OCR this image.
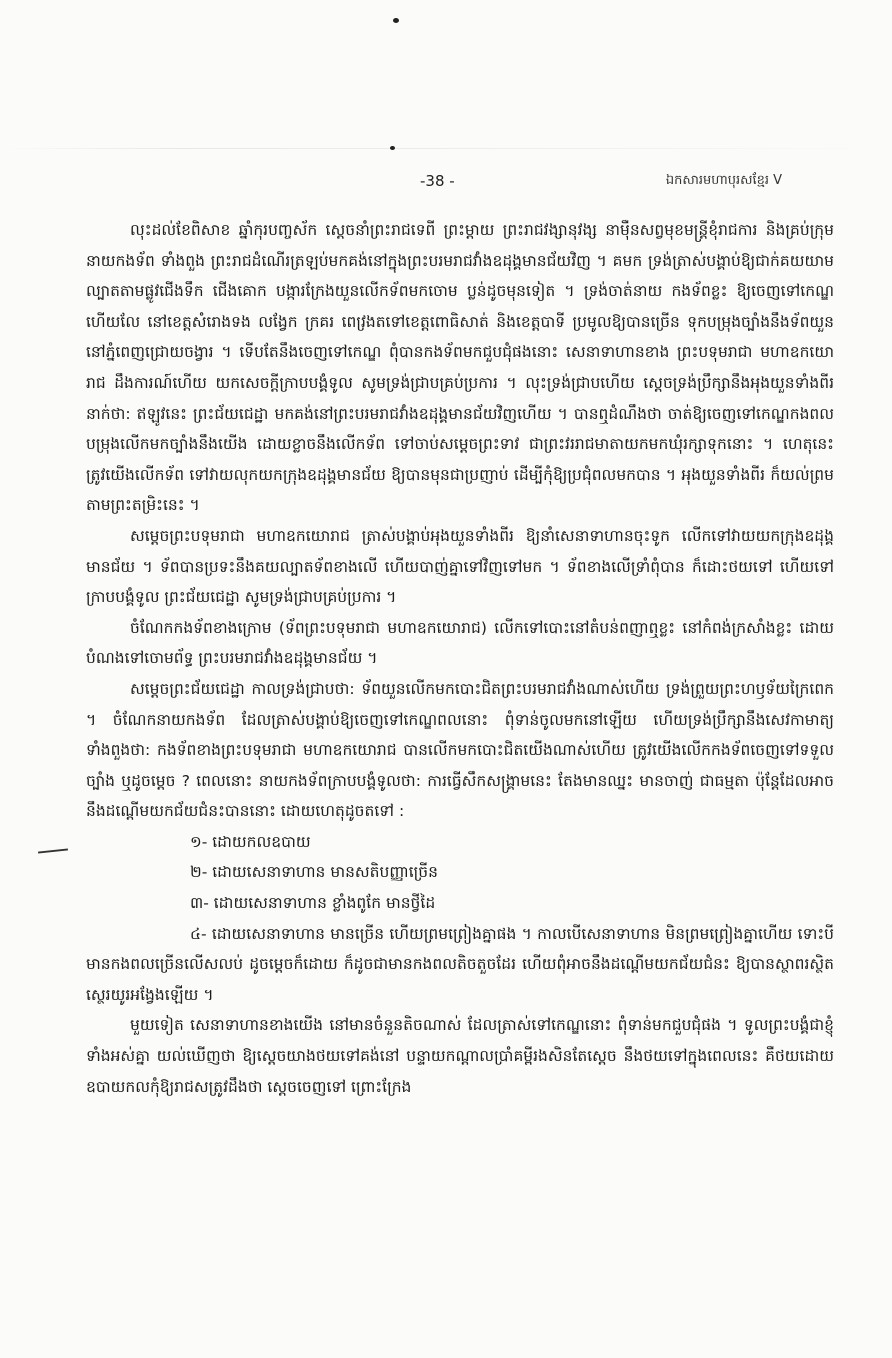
-38 -	ឯកសារមហាបុរសខ្មែរ V

លុះដល់ខែពិសាខ ឆ្នាំកុរបញ្ចស័ក ស្ដេចនាំព្រះរាជទេពី ព្រះម្ដាយ ព្រះរាជវង្សានុវង្ស នាម៉ឺនសព្វមុខមន្ត្រីខុំរាជការ និងគ្រប់ក្រុមនាយកងទ័ព ទាំងពួង ព្រះរាជដំណើរត្រឡប់មកគង់នៅក្នុងព្រះបរមរាជវាំងឧដុង្គមានជ័យវិញ ។ គមក ទ្រង់ត្រាស់បង្គាប់ឱ្យជាក់គយយាមល្បាតតាមផ្លូវជើងទឹក ជើងគោក បង្ការក្រែងយួនលើកទ័ពមកចោម ប្លន់ដូចមុនទៀត ។ ទ្រង់ចាត់នាយ កងទ័ពខ្លះ ឱ្យចេញទៅកេណ្ឌហើយលែ នៅខេត្តសំរោងទង លង្វែក ក្រគរ ពេវ្រងតទៅខេត្តពោធិសាត់ និងខេត្តបាទី ប្រមូលឱ្យបានច្រើន ទុកបម្រុងច្បាំងនឹងទ័ពយួន នៅភ្នំពេញជ្រោយចង្វារ ។ ទើបតែនឹងចេញទៅកេណ្ឌ ពុំបានកងទ័ពមកជួបជុំផងនោះ សេនាទាហានខាង ព្រះបទុមរាជា មហាឧកយោរាជ ដឹងការណ៍ហើយ យកសេចក្ដីក្រាបបង្គំទូល សូមទ្រង់ជ្រាបគ្រប់ប្រការ ។ លុះទ្រង់ជ្រាបហើយ ស្ដេចទ្រង់ប្រឹក្សានឹងអុងយួនទាំងពីរនាក់ថា: ឥឡូវនេះ ព្រះជ័យជេដ្ឋា មកគង់នៅព្រះបរមរាជវាំងឧដុង្គមានជ័យវិញហើយ ។ បានឮដំណឹងថា ចាត់ឱ្យចេញទៅកេណ្ឌកងពលបម្រុងលើកមកច្បាំងនឹងយើង ដោយខ្លាចនឹងលើកទ័ព ទៅចាប់សម្ដេចព្រះទាវ ជាព្រះវររាជមាតាយកមកឃុំរក្សាទុកនោះ ។ ហេតុនេះ ត្រូវយើងលើកទ័ព ទៅវាយលុកយកក្រុងឧដុង្គមានជ័យ ឱ្យបានមុនជាប្រញាប់ ដើម្បីកុំឱ្យប្រជុំពលមកបាន ។ អុងយួនទាំងពីរ ក៏យល់ព្រមតាមព្រះតម្រិះនេះ ។

សម្ដេចព្រះបទុមរាជា មហាឧកយោរាជ ត្រាស់បង្គាប់អុងយួនទាំងពីរ ឱ្យនាំសេនាទាហានចុះទូក លើកទៅវាយយកក្រុងឧដុង្គមានជ័យ ។ ទ័ពបានប្រទះនឹងគយល្បាតទ័ពខាងលើ ហើយបាញ់គ្នាទៅវិញទៅមក ។ ទ័ពខាងលើទ្រាំពុំបាន ក៏ដោះថយទៅ ហើយទៅក្រាបបង្គំទូល ព្រះជ័យជេដ្ឋា សូមទ្រង់ជ្រាបគ្រប់ប្រការ ។

ចំណែកកងទ័ពខាងក្រោម (ទ័ពព្រះបទុមរាជា មហាឧកយោរាជ) លើកទៅបោះនៅតំបន់ពញាឮខ្លះ នៅកំពង់ក្រសាំងខ្លះ ដោយបំណងទៅចោមព័ទ្ធ ព្រះបរមរាជវាំងឧដុង្គមានជ័យ ។

សម្ដេចព្រះជ័យជេដ្ឋា កាលទ្រង់ជ្រាបថា: ទ័ពយួនលើកមកបោះជិតព្រះបរមរាជវាំងណាស់ហើយ ទ្រង់ព្រួយព្រះហឫទ័យក្រៃពេក ។ ចំណែកនាយកងទ័ព ដែលត្រាស់បង្គាប់ឱ្យចេញទៅកេណ្ឌពលនោះ ពុំទាន់ចូលមកនៅឡើយ ហើយទ្រង់ប្រឹក្សានឹងសេវកាមាត្យទាំងពួងថា: កងទ័ពខាងព្រះបទុមរាជា មហាឧកយោរាជ បានលើកមកបោះជិតយើងណាស់ហើយ ត្រូវយើងលើកកងទ័ពចេញទៅទទួលច្បាំង ឬដូចម្ដេច ? ពេលនោះ នាយកងទ័ពក្រាបបង្គំទូលថា: ការធ្វើសឹកសង្គ្រាមនេះ តែងមានឈ្នះ មានចាញ់ ជាធម្មតា ប៉ុន្តែដែលអាចនឹងដណ្ដើមយកជ័យជំនះបាននោះ ដោយហេតុដូចតទៅ :

១- ដោយកលឧបាយ
២- ដោយសេនាទាហាន មានសតិបញ្ញាច្រើន
៣- ដោយសេនាទាហាន ខ្លាំងពូកែ មានថ្វីដៃ
៤- ដោយសេនាទាហាន មានច្រើន ហើយព្រមព្រៀងគ្នាផង ។ កាលបើសេនាទាហាន មិនព្រមព្រៀងគ្នាហើយ ទោះបីមានកងពលច្រើនលើសលប់ ដូចម្ដេចក៏ដោយ ក៏ដូចជាមានកងពលតិចតួចដែរ ហើយពុំអាចនឹងដណ្ដើមយកជ័យជំនះ ឱ្យបានស្ថាពរស្ថិតស្ថេរយូរអង្វែងឡើយ ។

មួយទៀត សេនាទាហានខាងយើង នៅមានចំនួនតិចណាស់ ដែលត្រាស់ទៅកេណ្ឌនោះ ពុំទាន់មកជួបជុំផង ។ ទូលព្រះបង្គំជាខ្ញុំ ទាំងអស់គ្នា យល់ឃើញថា ឱ្យស្ដេចយាងថយទៅគង់នៅ បន្ទាយកណ្ដាលប្រាំគម្ពីរងសិនតែស្ដេច នឹងថយទៅក្នុងពេលនេះ គឺថយដោយឧបាយកលកុំឱ្យរាជសត្រូវដឹងថា ស្ដេចចេញទៅ ព្រោះក្រែង
